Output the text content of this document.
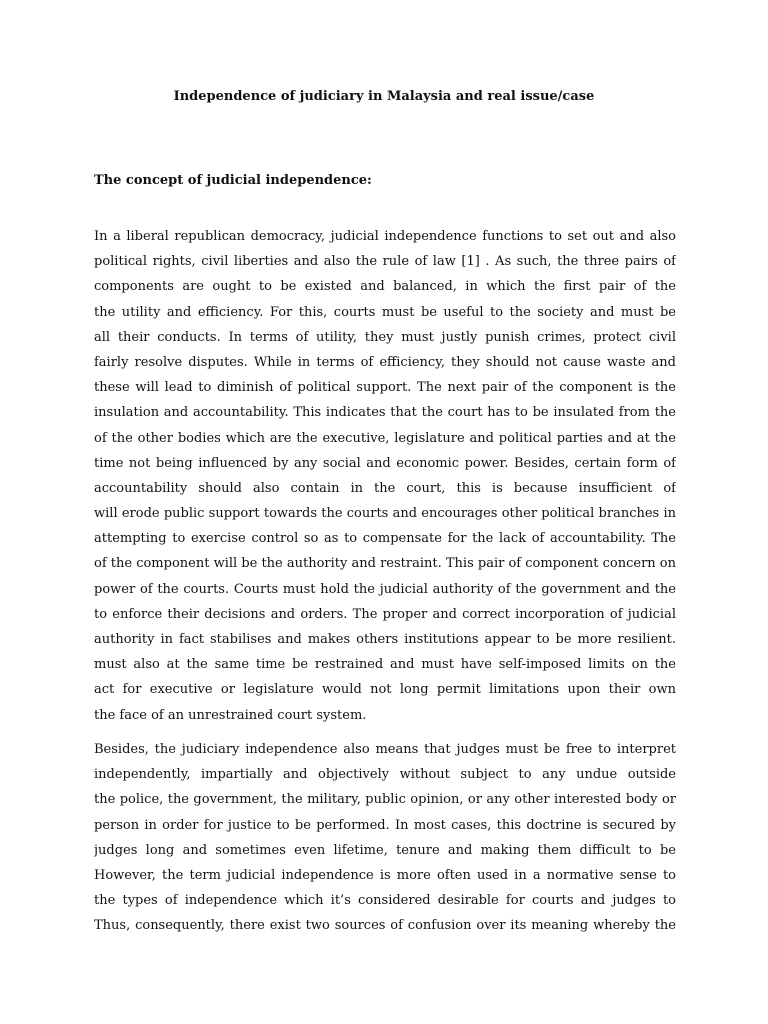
Independence of judiciary in Malaysia and real issue/case
The concept of judicial independence:
In a liberal republican democracy, judicial independence functions to set out and also
political rights, civil liberties and also the rule of law [1] . As such, the three pairs of
components are ought to be existed and balanced, in which the first pair of the
the utility and efficiency. For this, courts must be useful to the society and must be
all their conducts. In terms of utility, they must justly punish crimes, protect civil
fairly resolve disputes. While in terms of efficiency, they should not cause waste and
these will lead to diminish of political support. The next pair of the component is the
insulation and accountability. This indicates that the court has to be insulated from the
of the other bodies which are the executive, legislature and political parties and at the
time not being influenced by any social and economic power. Besides, certain form of
accountability should also contain in the court, this is because insufficient of
will erode public support towards the courts and encourages other political branches in
attempting to exercise control so as to compensate for the lack of accountability. The
of the component will be the authority and restraint. This pair of component concern on
power of the courts. Courts must hold the judicial authority of the government and the
to enforce their decisions and orders. The proper and correct incorporation of judicial
authority in fact stabilises and makes others institutions appear to be more resilient.
must also at the same time be restrained and must have self-imposed limits on the
act for executive or legislature would not long permit limitations upon their own
the face of an unrestrained court system.
Besides, the judiciary independence also means that judges must be free to interpret
independently, impartially and objectively without subject to any undue outside
the police, the government, the military, public opinion, or any other interested body or
person in order for justice to be performed. In most cases, this doctrine is secured by
judges long and sometimes even lifetime, tenure and making them difficult to be
However, the term judicial independence is more often used in a normative sense to
the types of independence which it’s considered desirable for courts and judges to
Thus, consequently, there exist two sources of confusion over its meaning whereby the
